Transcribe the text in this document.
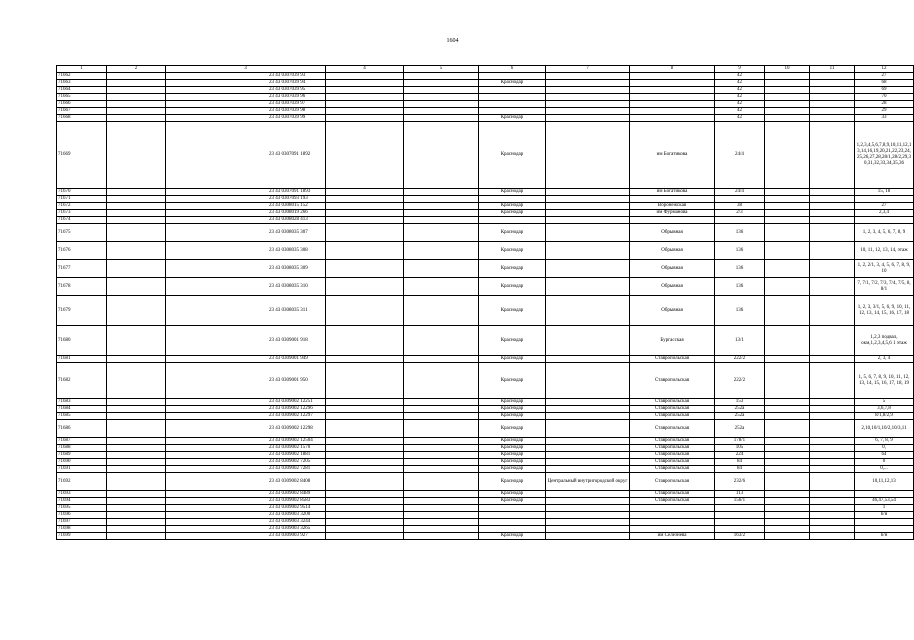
1604
1	2	3	4	5	6	7	8	9	10	11	12
71662		23 43 0307039 93						42			27
71663		23 43 0307039 94			Краснодар			42			68
71664		23 43 0307039 95						42			69
71665		23 43 0307039 96						42			70
71666		23 43 0307039 97						42			28
71667		23 43 0307039 98						42			29
71668		23 43 0307039 99			Краснодар			42			33
71669		23 43 0307091 1892			Краснодар		им Богатикова	24/4			1,2,3,4,5,6,7,8,9,10,11,12,13,14,16,19,20,21,22,23,24,25,26,27,28,28/1,28/2,29,30,31,32,33,34,35,36
71670		23 43 0307091 1893			Краснодар		им Богатикова	24/4			15, 18
71671		23 43 0307093 193									
71672		23 43 0308015 152			Краснодар		Воронежская	38			27
71673		23 43 0308019 266			Краснодар		им Фурманова	2/3			2,3,4
71674		23 43 0308028 413									
71675		23 43 0308035 307			Краснодар		Обрывная	136			1, 2, 3, 4, 5, 6, 7, 8, 9
71676		23 43 0308035 308			Краснодар		Обрывная	136			10, 11, 12, 13, 14, этаж
71677		23 43 0308035 309			Краснодар		Обрывная	136			1, 2, 2/1, 3, 4, 5, 6, 7, 8, 9, 10
71678		23 43 0308035 310			Краснодар		Обрывная	136			7, 7/1, 7/2, 7/3, 7/4, 7/5, 8, 8/1
71679		23 43 0308035 311			Краснодар		Обрывная	136			1, 2, 3, 3/1, 5, 6, 9, 10, 11, 12, 13, 14, 15, 16, 17, 18
71680		23 43 0309001 918			Краснодар		Бургасская	13/1			1,2,3 подвал, окм,1,2,3,4,5,6 1 этаж
71681		23 43 0309001 949			Краснодар		Ставропольская	222/2			2, 3, 4
71682		23 43 0309001 950			Краснодар		Ставропольская	222/2			1, 5, 6, 7, 8, 9, 10, 11, 12, 13, 14, 15, 16, 17, 18, 19
71683		23 43 0309002 12251			Краснодар		Ставропольская	153			5
71684		23 43 0309002 12296			Краснодар		Ставропольская	252а			3,6,7,8
71685		23 43 0309002 12297			Краснодар		Ставропольская	252а			8/1,8/2,9
71686		23 43 0309002 12298			Краснодар		Ставропольская	252а			2,10,10/1,10/2,10/3,11
71687		23 43 0309002 12504			Краснодар		Ставропольская	178/1			6, 7, 8, 9
71688		23 43 0309002 1570			Краснодар		Ставропольская	105			0,
71689		23 43 0309002 1881			Краснодар		Ставропольская	224			64
71690		23 43 0309002 7205			Краснодар		Ставропольская	84			0
71691		23 43 0309002 7281			Краснодар		Ставропольская	84			0,...
71692		23 43 0309002 8408			Краснодар	Центральный внутригородской округ	Ставропольская	232/6			10,11,12,13
71693		23 43 0309002 8489			Краснодар		Ставропольская	113			
71694		23 43 0309002 8583			Краснодар		Ставропольская	156/1			46,47,53,54
71695		23 43 0309002 9514									1
71696		23 43 0309003 3200									б/н
71697		23 43 0309003 3244									
71698		23 43 0309003 3265									
71699		23 43 0309003 927			Краснодар		им Селезнева	163/2			б/н
